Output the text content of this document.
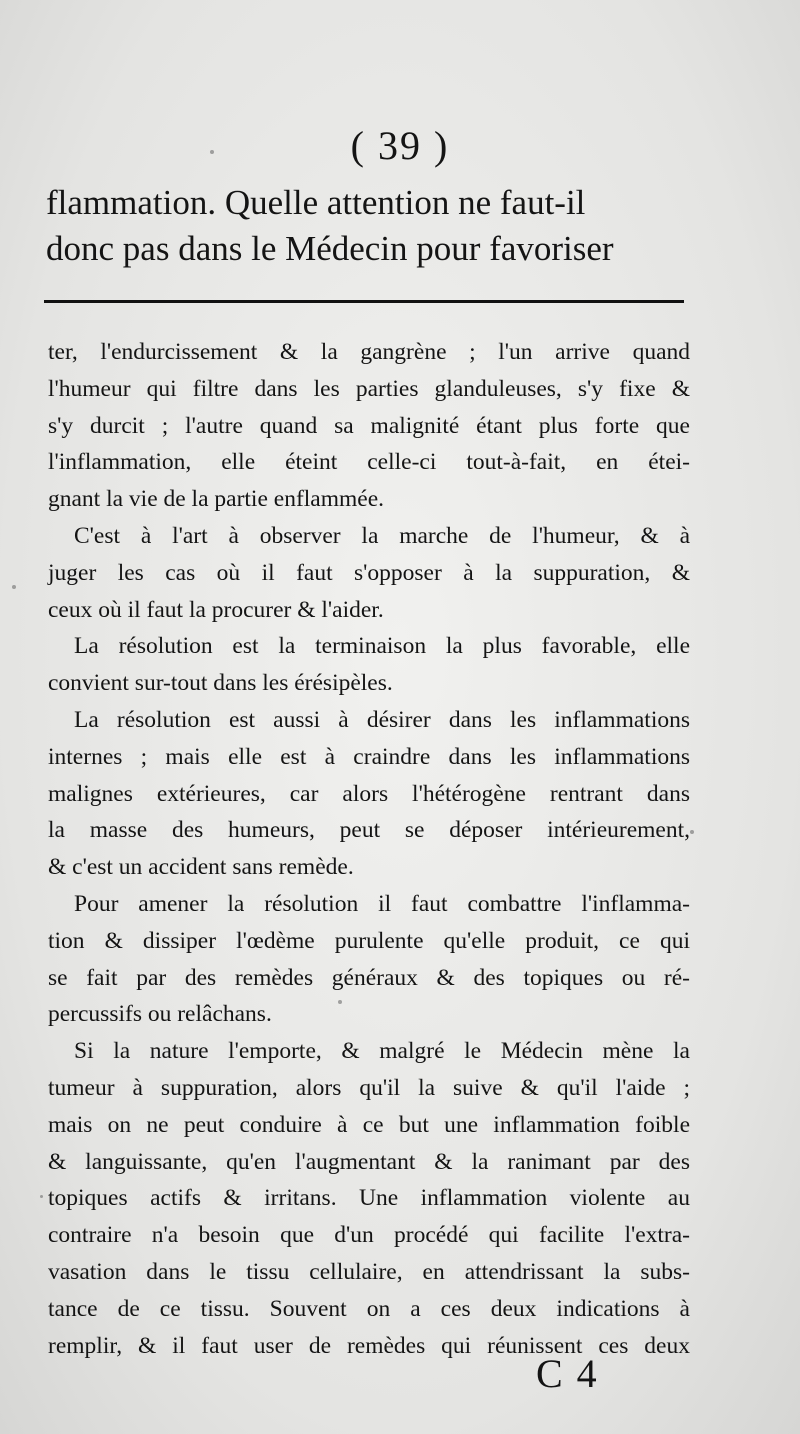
( 39 )
flammation. Quelle attention ne faut-il
donc pas dans le Médecin pour favoriser
ter, l'endurcissement & la gangrène ; l'un arrive quand
l'humeur qui filtre dans les parties glanduleuses, s'y fixe &
s'y durcit ; l'autre quand sa malignité étant plus forte que
l'inflammation, elle éteint celle-ci tout-à-fait, en étei-
gnant la vie de la partie enflammée.
C'est à l'art à observer la marche de l'humeur, & à
juger les cas où il faut s'opposer à la suppuration, &
ceux où il faut la procurer & l'aider.
La résolution est la terminaison la plus favorable, elle
convient sur-tout dans les érésipèles.
La résolution est aussi à désirer dans les inflammations
internes ; mais elle est à craindre dans les inflammations
malignes extérieures, car alors l'hétérogène rentrant dans
la masse des humeurs, peut se déposer intérieurement,
& c'est un accident sans remède.
Pour amener la résolution il faut combattre l'inflamma-
tion & dissiper l'œdème purulente qu'elle produit, ce qui
se fait par des remèdes généraux & des topiques ou ré-
percussifs ou relâchans.
Si la nature l'emporte, & malgré le Médecin mène la
tumeur à suppuration, alors qu'il la suive & qu'il l'aide ;
mais on ne peut conduire à ce but une inflammation foible
& languissante, qu'en l'augmentant & la ranimant par des
topiques actifs & irritans. Une inflammation violente au
contraire n'a besoin que d'un procédé qui facilite l'extra-
vasation dans le tissu cellulaire, en attendrissant la subs-
tance de ce tissu. Souvent on a ces deux indications à
remplir, & il faut user de remèdes qui réunissent ces deux
C 4
